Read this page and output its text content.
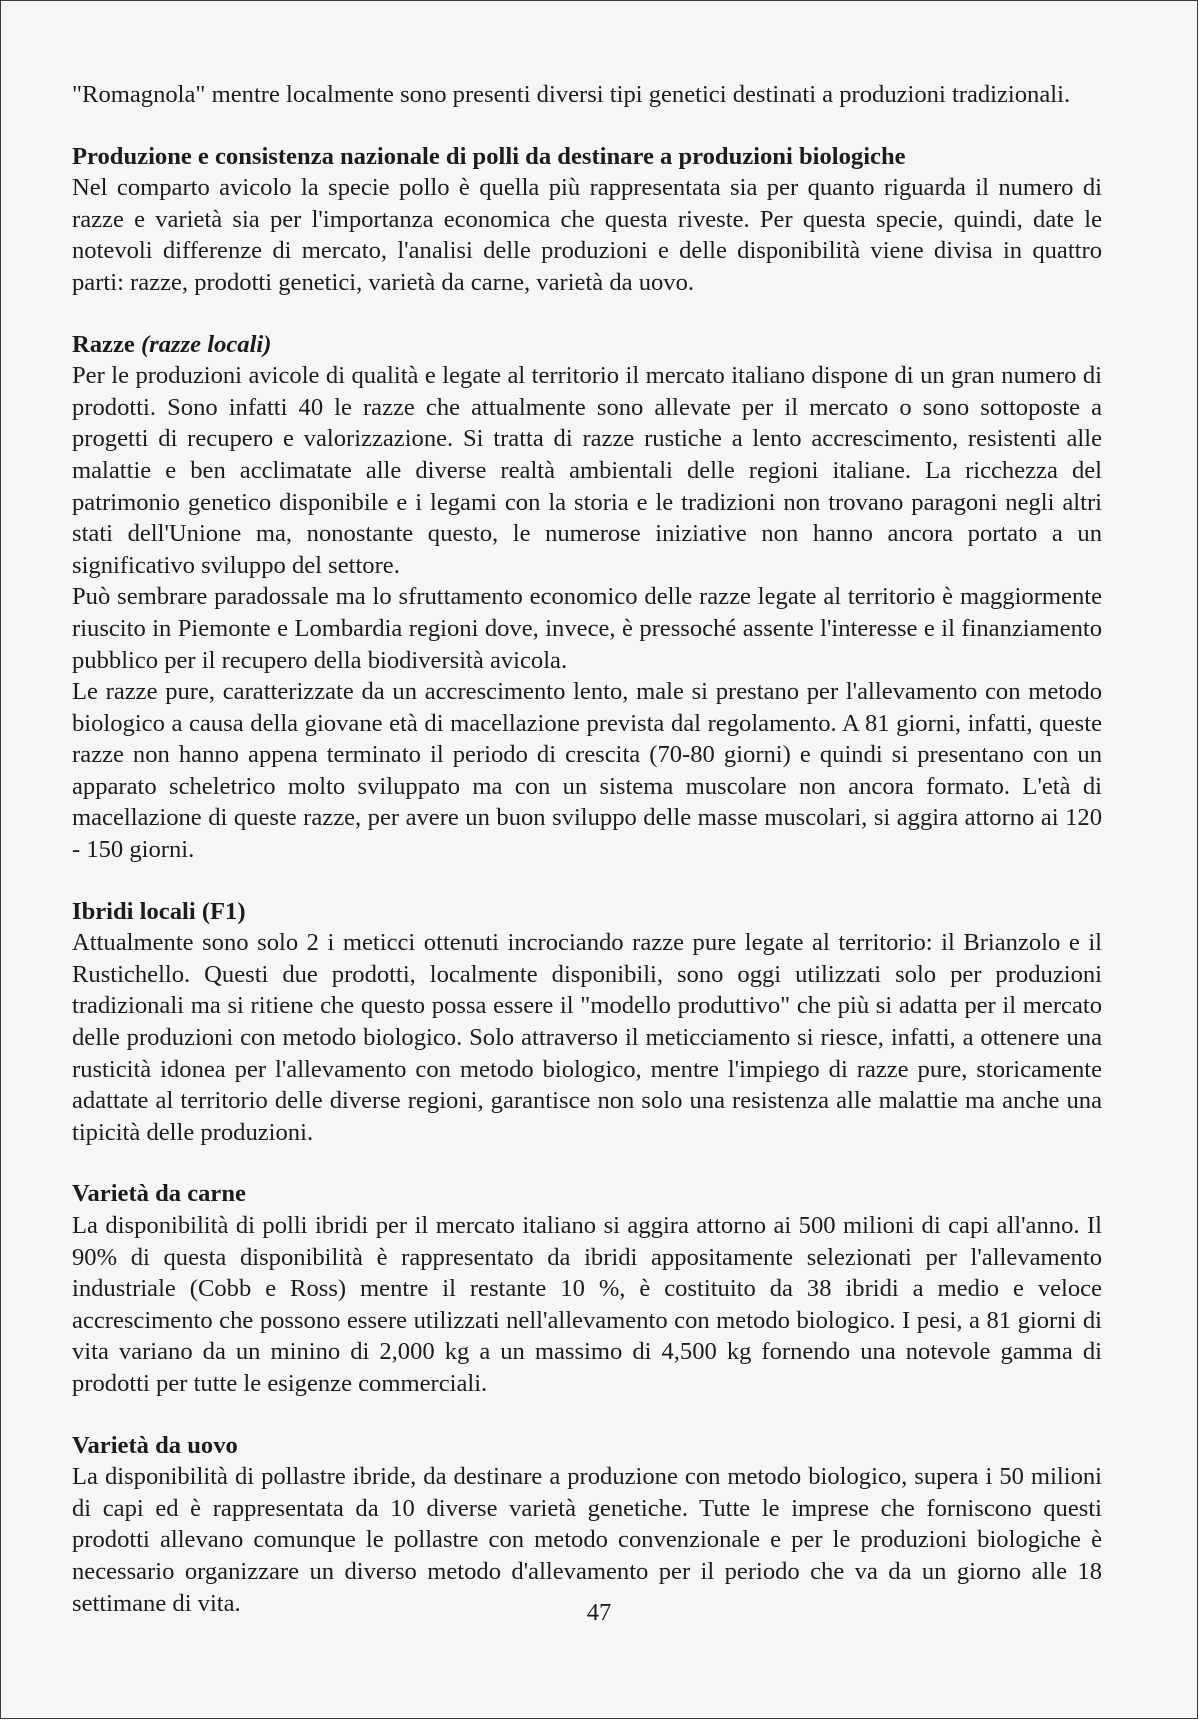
"Romagnola" mentre localmente sono presenti diversi tipi genetici destinati a produzioni tradizionali.

Produzione e consistenza nazionale di polli da destinare a produzioni biologiche

Nel comparto avicolo la specie pollo è quella più rappresentata sia per quanto riguarda il numero di razze e varietà sia per l'importanza economica che questa riveste. Per questa specie, quindi, date le notevoli differenze di mercato, l'analisi delle produzioni e delle disponibilità viene divisa in quattro parti: razze, prodotti genetici, varietà da carne, varietà da uovo.

Razze (razze locali)

Per le produzioni avicole di qualità e legate al territorio il mercato italiano dispone di un gran numero di prodotti. Sono infatti 40 le razze che attualmente sono allevate per il mercato o sono sottoposte a progetti di recupero e valorizzazione. Si tratta di razze rustiche a lento accrescimento, resistenti alle malattie e ben acclimatate alle diverse realtà ambientali delle regioni italiane. La ricchezza del patrimonio genetico disponibile e i legami con la storia e le tradizioni non trovano paragoni negli altri stati dell'Unione ma, nonostante questo, le numerose iniziative non hanno ancora portato a un significativo sviluppo del settore.

Può sembrare paradossale ma lo sfruttamento economico delle razze legate al territorio è maggiormente riuscito in Piemonte e Lombardia regioni dove, invece, è pressoché assente l'interesse e il finanziamento pubblico per il recupero della biodiversità avicola.

Le razze pure, caratterizzate da un accrescimento lento, male si prestano per l'allevamento con metodo biologico a causa della giovane età di macellazione prevista dal regolamento. A 81 giorni, infatti, queste razze non hanno appena terminato il periodo di crescita (70-80 giorni) e quindi si presentano con un apparato scheletrico molto sviluppato ma con un sistema muscolare non ancora formato. L'età di macellazione di queste razze, per avere un buon sviluppo delle masse muscolari, si aggira attorno ai 120 - 150 giorni.

Ibridi locali (F1)

Attualmente sono solo 2 i meticci ottenuti incrociando razze pure legate al territorio: il Brianzolo e il Rustichello. Questi due prodotti, localmente disponibili, sono oggi utilizzati solo per produzioni tradizionali ma si ritiene che questo possa essere il "modello produttivo" che più si adatta per il mercato delle produzioni con metodo biologico. Solo attraverso il meticciamento si riesce, infatti, a ottenere una rusticità idonea per l'allevamento con metodo biologico, mentre l'impiego di razze pure, storicamente adattate al territorio delle diverse regioni, garantisce non solo una resistenza alle malattie ma anche una tipicità delle produzioni.

Varietà da carne

La disponibilità di polli ibridi per il mercato italiano si aggira attorno ai 500 milioni di capi all'anno. Il 90% di questa disponibilità è rappresentato da ibridi appositamente selezionati per l'allevamento industriale (Cobb e Ross) mentre il restante 10 %, è costituito da 38 ibridi a medio e veloce accrescimento che possono essere utilizzati nell'allevamento con metodo biologico. I pesi, a 81 giorni di vita variano da un minino di 2,000 kg a un massimo di 4,500 kg fornendo una notevole gamma di prodotti per tutte le esigenze commerciali.

Varietà da uovo

La disponibilità di pollastre ibride, da destinare a produzione con metodo biologico, supera i 50 milioni di capi ed è rappresentata da 10 diverse varietà genetiche. Tutte le imprese che forniscono questi prodotti allevano comunque le pollastre con metodo convenzionale e per le produzioni biologiche è necessario organizzare un diverso metodo d'allevamento per il periodo che va da un giorno alle 18 settimane di vita.	47
